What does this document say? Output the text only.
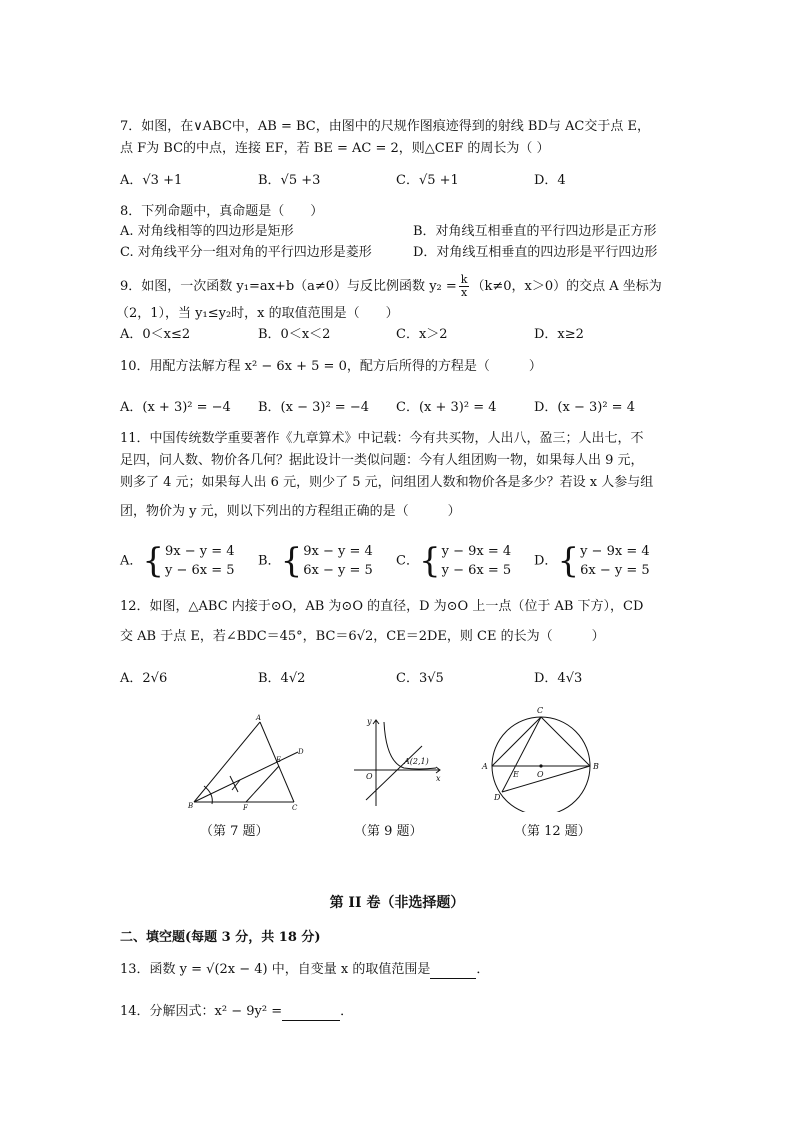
7．如图，在∨ABC中，AB = BC，由图中的尺规作图痕迹得到的射线 BD与 AC交于点 E，
点 F为 BC的中点，连接 EF，若 BE = AC = 2，则△CEF 的周长为（ ）
A．√3 +1	B．√5 +3	C．√5 +1	D．4
8．下列命题中，真命题是（　　）
A. 对角线相等的四边形是矩形	B．对角线互相垂直的平行四边形是正方形
C. 对角线平分一组对角的平行四边形是菱形	D．对角线互相垂直的四边形是平行四边形
9．如图，一次函数 y₁=ax+b（a≠0）与反比例函数 $y_2 = \frac{k}{x} (k\ne 0$，x＞0）的交点 A 坐标为
（2，1），当 y₁≤y₂时，x 的取值范围是（　　）
A．0＜x≤2	B．0＜x＜2	C．x＞2	D．x≥2
10．用配方法解方程 x² − 6x + 5 = 0，配方后所得的方程是（　　　）
A．(x + 3)² = −4 B．(x − 3)² = −4 C．(x + 3)² = 4	D．(x − 3)² = 4
11．中国传统数学重要著作《九章算术》中记载：今有共买物，人出八，盈三；人出七，不
足四，问人数、物价各几何？据此设计一类似问题：今有人组团购一物，如果每人出 9 元，
则多了 4 元；如果每人出 6 元，则少了 5 元，问组团人数和物价各是多少？若设 x 人参与组
团，物价为 y 元，则以下列出的方程组正确的是（　　　）
A．{ 9x − y = 4
y − 6x = 5
B．{ 9x − y = 4
6x − y = 5
C．{ y − 9x = 4
y − 6x = 5
D．{ y − 9x = 4
6x − y = 5
12．如图，△ABC 内接于⊙O，AB 为⊙O 的直径，D 为⊙O 上一点（位于 AB 下方），CD
交 AB 于点 E，若∠BDC＝45°，BC＝6√2，CE＝2DE，则 CE 的长为（　　　）
A．2√6	B．4√2	C．3√5	D．4√3
A
E
D
B	F	C
（第 7 题）
y
O
A(2,1)
x
（第 9 题）
C
A
E O
B
D
（第 12 题）
第 II 卷（非选择题）
二、填空题(每题 3 分，共 18 分)
13．函数 y = √(2x − 4) 中，自变量 x 的取值范围是	．
14．分解因式：x² − 9y² =	．
